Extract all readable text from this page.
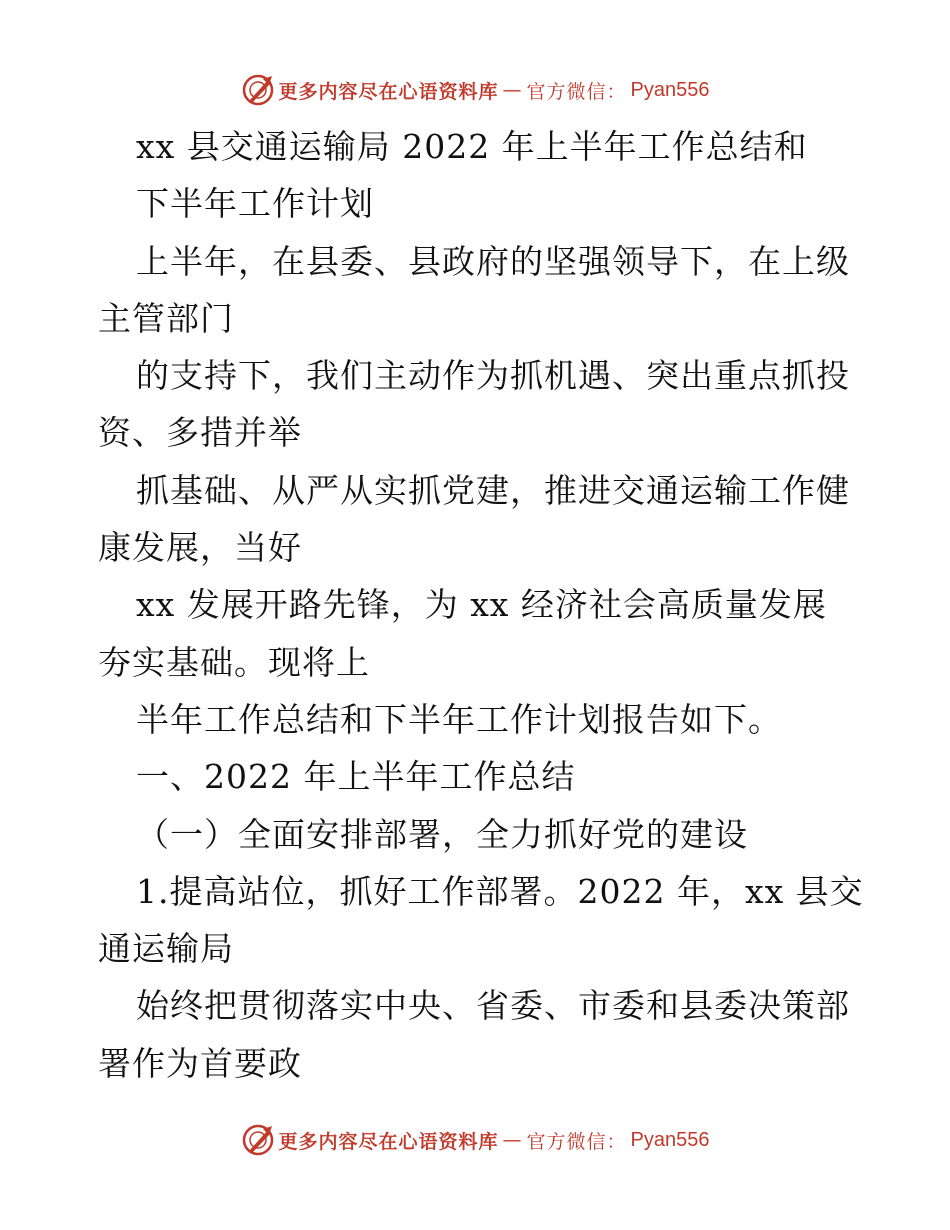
更多内容尽在心语资料库 — 官方微信： Pyan556
xx 县交通运输局 2022 年上半年工作总结和
下半年工作计划
上半年，在县委、县政府的坚强领导下，在上级
主管部门
的支持下，我们主动作为抓机遇、突出重点抓投
资、多措并举
抓基础、从严从实抓党建，推进交通运输工作健
康发展，当好
xx 发展开路先锋，为 xx 经济社会高质量发展
夯实基础。现将上
半年工作总结和下半年工作计划报告如下。
一、2022 年上半年工作总结
（一）全面安排部署，全力抓好党的建设
1.提高站位，抓好工作部署。2022 年，xx 县交
通运输局
始终把贯彻落实中央、省委、市委和县委决策部
署作为首要政
更多内容尽在心语资料库 — 官方微信： Pyan556
